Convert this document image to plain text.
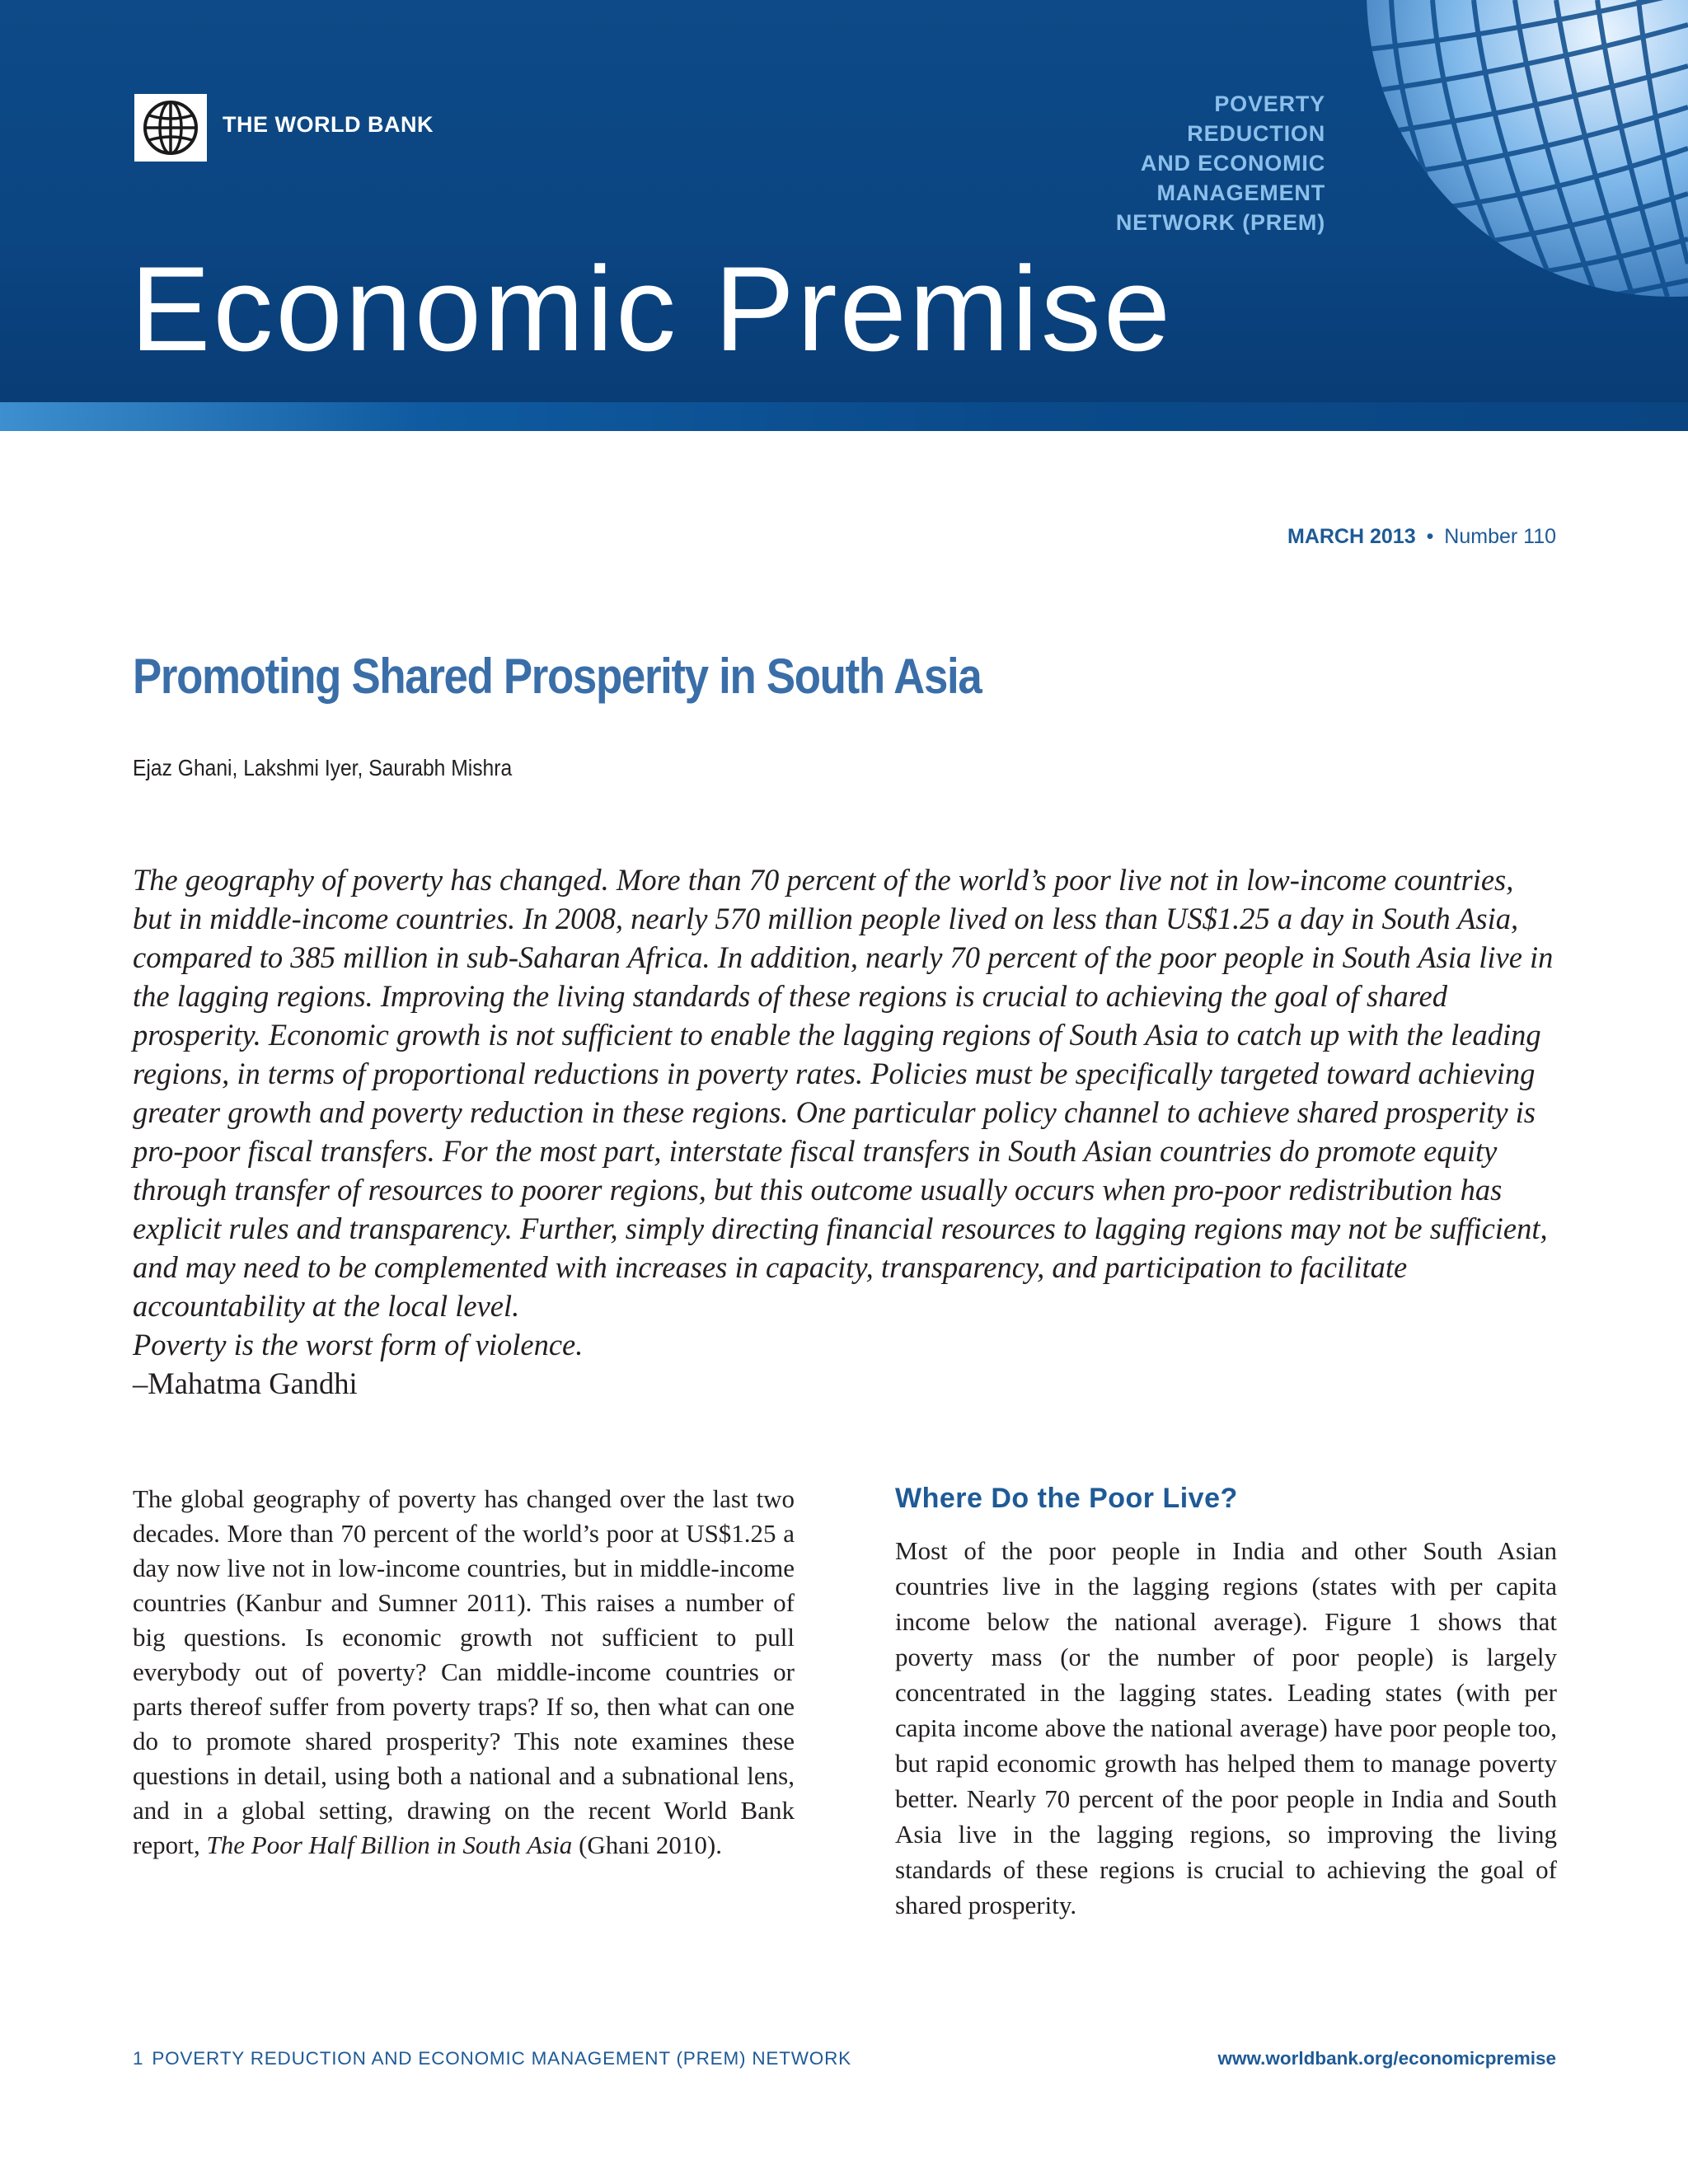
THE WORLD BANK
POVERTY
REDUCTION
AND ECONOMIC
MANAGEMENT
NETWORK (PREM)
Economic Premise
MARCH 2013 • Number 110
Promoting Shared Prosperity in South Asia
Ejaz Ghani, Lakshmi Iyer, Saurabh Mishra

The geography of poverty has changed. More than 70 percent of the world’s poor live not in low-income countries, but in middle-income countries. In 2008, nearly 570 million people lived on less than US$1.25 a day in South Asia, compared to 385 million in sub-Saharan Africa. In addition, nearly 70 percent of the poor people in South Asia live in the lagging regions. Improving the living standards of these regions is crucial to achieving the goal of shared prosperity. Economic growth is not sufficient to enable the lagging regions of South Asia to catch up with the leading regions, in terms of proportional reductions in poverty rates. Policies must be specifically targeted toward achieving greater growth and poverty reduction in these regions. One particular policy channel to achieve shared prosperity is pro-poor fiscal transfers. For the most part, interstate fiscal transfers in South Asian countries do promote equity through transfer of resources to poorer regions, but this outcome usually occurs when pro-poor redistribution has explicit rules and transparency. Further, simply directing financial resources to lagging regions may not be sufficient, and may need to be complemented with increases in capacity, transparency, and participation to facilitate accountability at the local level.

Poverty is the worst form of violence.
–Mahatma Gandhi

The global geography of poverty has changed over the last two decades. More than 70 percent of the world’s poor at US$1.25 a day now live not in low-income countries, but in middle-income countries (Kanbur and Sumner 2011). This raises a number of big questions. Is economic growth not sufficient to pull everybody out of poverty? Can middle-income countries or parts thereof suffer from poverty traps? If so, then what can one do to promote shared prosperity? This note examines these questions in detail, using both a national and a subnational lens, and in a global setting, drawing on the recent World Bank report, The Poor Half Billion in South Asia (Ghani 2010).

Where Do the Poor Live?

Most of the poor people in India and other South Asian countries live in the lagging regions (states with per capita income below the national average). Figure 1 shows that poverty mass (or the number of poor people) is largely concentrated in the lagging states. Leading states (with per capita income above the national average) have poor people too, but rapid economic growth has helped them to manage poverty better. Nearly 70 percent of the poor people in India and South Asia live in the lagging regions, so improving the living standards of these regions is crucial to achieving the goal of shared prosperity.

1 POVERTY REDUCTION AND ECONOMIC MANAGEMENT (PREM) NETWORK	www.worldbank.org/economicpremise
